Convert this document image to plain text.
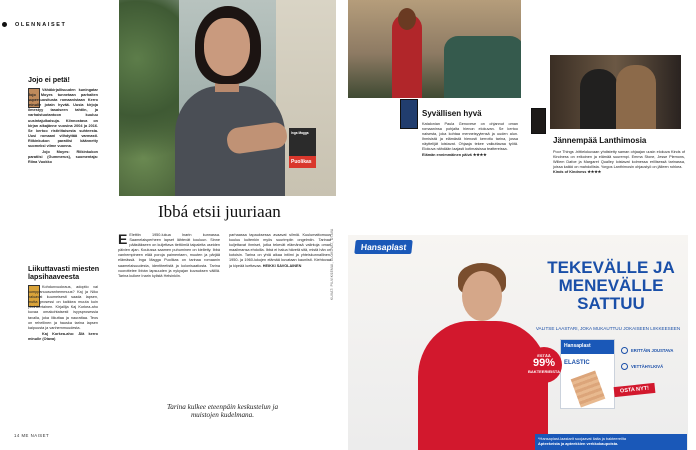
OLENNAISET
Jojo ei petä!
Vähäkirjallisuuden kuningatar Jojo Moyes tunnetaan parhaiten supersuositusta romaanistaan Kerro minulle jotain hyvää. Uusia kirjoja ilmestyy tasaiseen tahtiin, ja varhaistuotantoon kuuluu uusintajulkaisuja. Kiinnostava on kirjan aikajänne vuosina 2004 ja 2016. Se kertoo ristiriitaisesta suhteesta. Uusi romaani viihdyttää varmasti. Riikinkukon paratiisi käännetty suomeksi viime vuonna.
Jojo Moyes: Riikinkukon paratiisi (Gummerus), suomentaja: Riina Vuokko
Liikuttavasti miesten lapsihaaveesta
Kohdunvuokraus, adoptio vai kumppanuusvanhemmuus? Kaj ja Niko haluavat kuumeisesti saada lapsen, mutta prosessi on kaikkea muuta kuin yksinkertainen. Kirjailija Kaj Korkea-aho kuvaa omakohtaisesti isyysprosessia tavalla, joka liikuttaa ja naurattaa. Teos on rehellinen ja hauska tarina lapsen kaipuusta ja vanhemmuudesta.
Kaj Korkea-aho: Älä kerro minulle (Otava)
Inga Magga
Puolikas
Ibbá etsii juuriaan
E Elettiin 1950-lukua Inarin kunnassa. Saamelaisperheen lapset lähtevät kouluun. Sinne päästäkseen on kuljettava tiettömiä taipaleita useiden päivien ajan. Koulussa saamen puhuminen on kielletty. Ibbá vanhempineen elää poroja paimentaen, muuten ja pärjää elämässä. Inga Magga Puolikas on tarinaa romaanin saamelaisuudesta, identiteetistä ja kolonisaatiosta. Tarina vuorottelee Ibbán lapsuuden ja nykyajan kuvauksen välillä. Tarina kulkee Inarin kylistä Helsinkiin.
parhaassa tapauksessa avaavat silmiä. Kuulumattomuus kuuluu kuitenkin myös suurimpiin ongelmiin. Tarinaa kuljettavat ihmiset, jotka tekevät elämänsä valintoja oman maailmansa ehdoilla. Ibbá ei halua hävetä sitä, mistä hän on kotoisin. Tarina on yhtä aikaa intiimi ja yhteiskunnallinen. 1950- ja 1960-lukujen elämää kuvataan kauniisti. Kiehtovaa ja kipeää luettavaa. HEIKKI SAVOLAINEN
Tarina kulkee eteenpäin keskustelun ja muistojen kudelmana.
KUVAT: PILVIKSEMAI, ELOKUVAT, OTAVA
Syvällisen hyvä
Katalonian Paula Genovese on ohjannut oman romaaninsa pohjalta hienon elokuvan. Se kertoo naisesta, joka kohtaa menneisyytensä ja uuden alun. Ihmisistä ja elämästä hienosti kerrottu tarina, jossa näyttelijät loistavat. Ohjaaja tekee vaikuttavaa työtä. Elokuva nähdään laajasti kotimaisissa teattereissa.
Elämän ennimmäinen päivä ★★★★
Jännempää Lanthimosia
Poor Things -hittielokuvaan yhdistetty saman ohjaajan uusin elokuva Kinds of Kindness on erikoinen ja elämää suurempi. Emma Stone, Jesse Plemons, Willem Dafoe ja Margaret Qualley loistavat kolmessa erillisessä tarinassa, joissa kaikki on mahdollista. Yorgos Lanthimosin ohjaustyö on jälleen rohkea.
Kinds of Kindness ★★★★
Hansaplast
TEKEVÄLLE JA MENEVÄLLE SATTUU
VALITSE LAASTARI, JOKA MUKAUTTUU JOKAISEEN LIIKKEESEEN
Hansaplast
ELASTIC
ESTÄÄ
99%
BAKTEERIEISTA
ERITTÄIN JOUSTAVA
VETTÄHYLKIVÄ
OSTA NYT!
*Hansaplast-laastarit suojaavat lialta ja bakteereilta
Apteekeista ja apteekkien verkkokaupoista.
14 ME NAISET
